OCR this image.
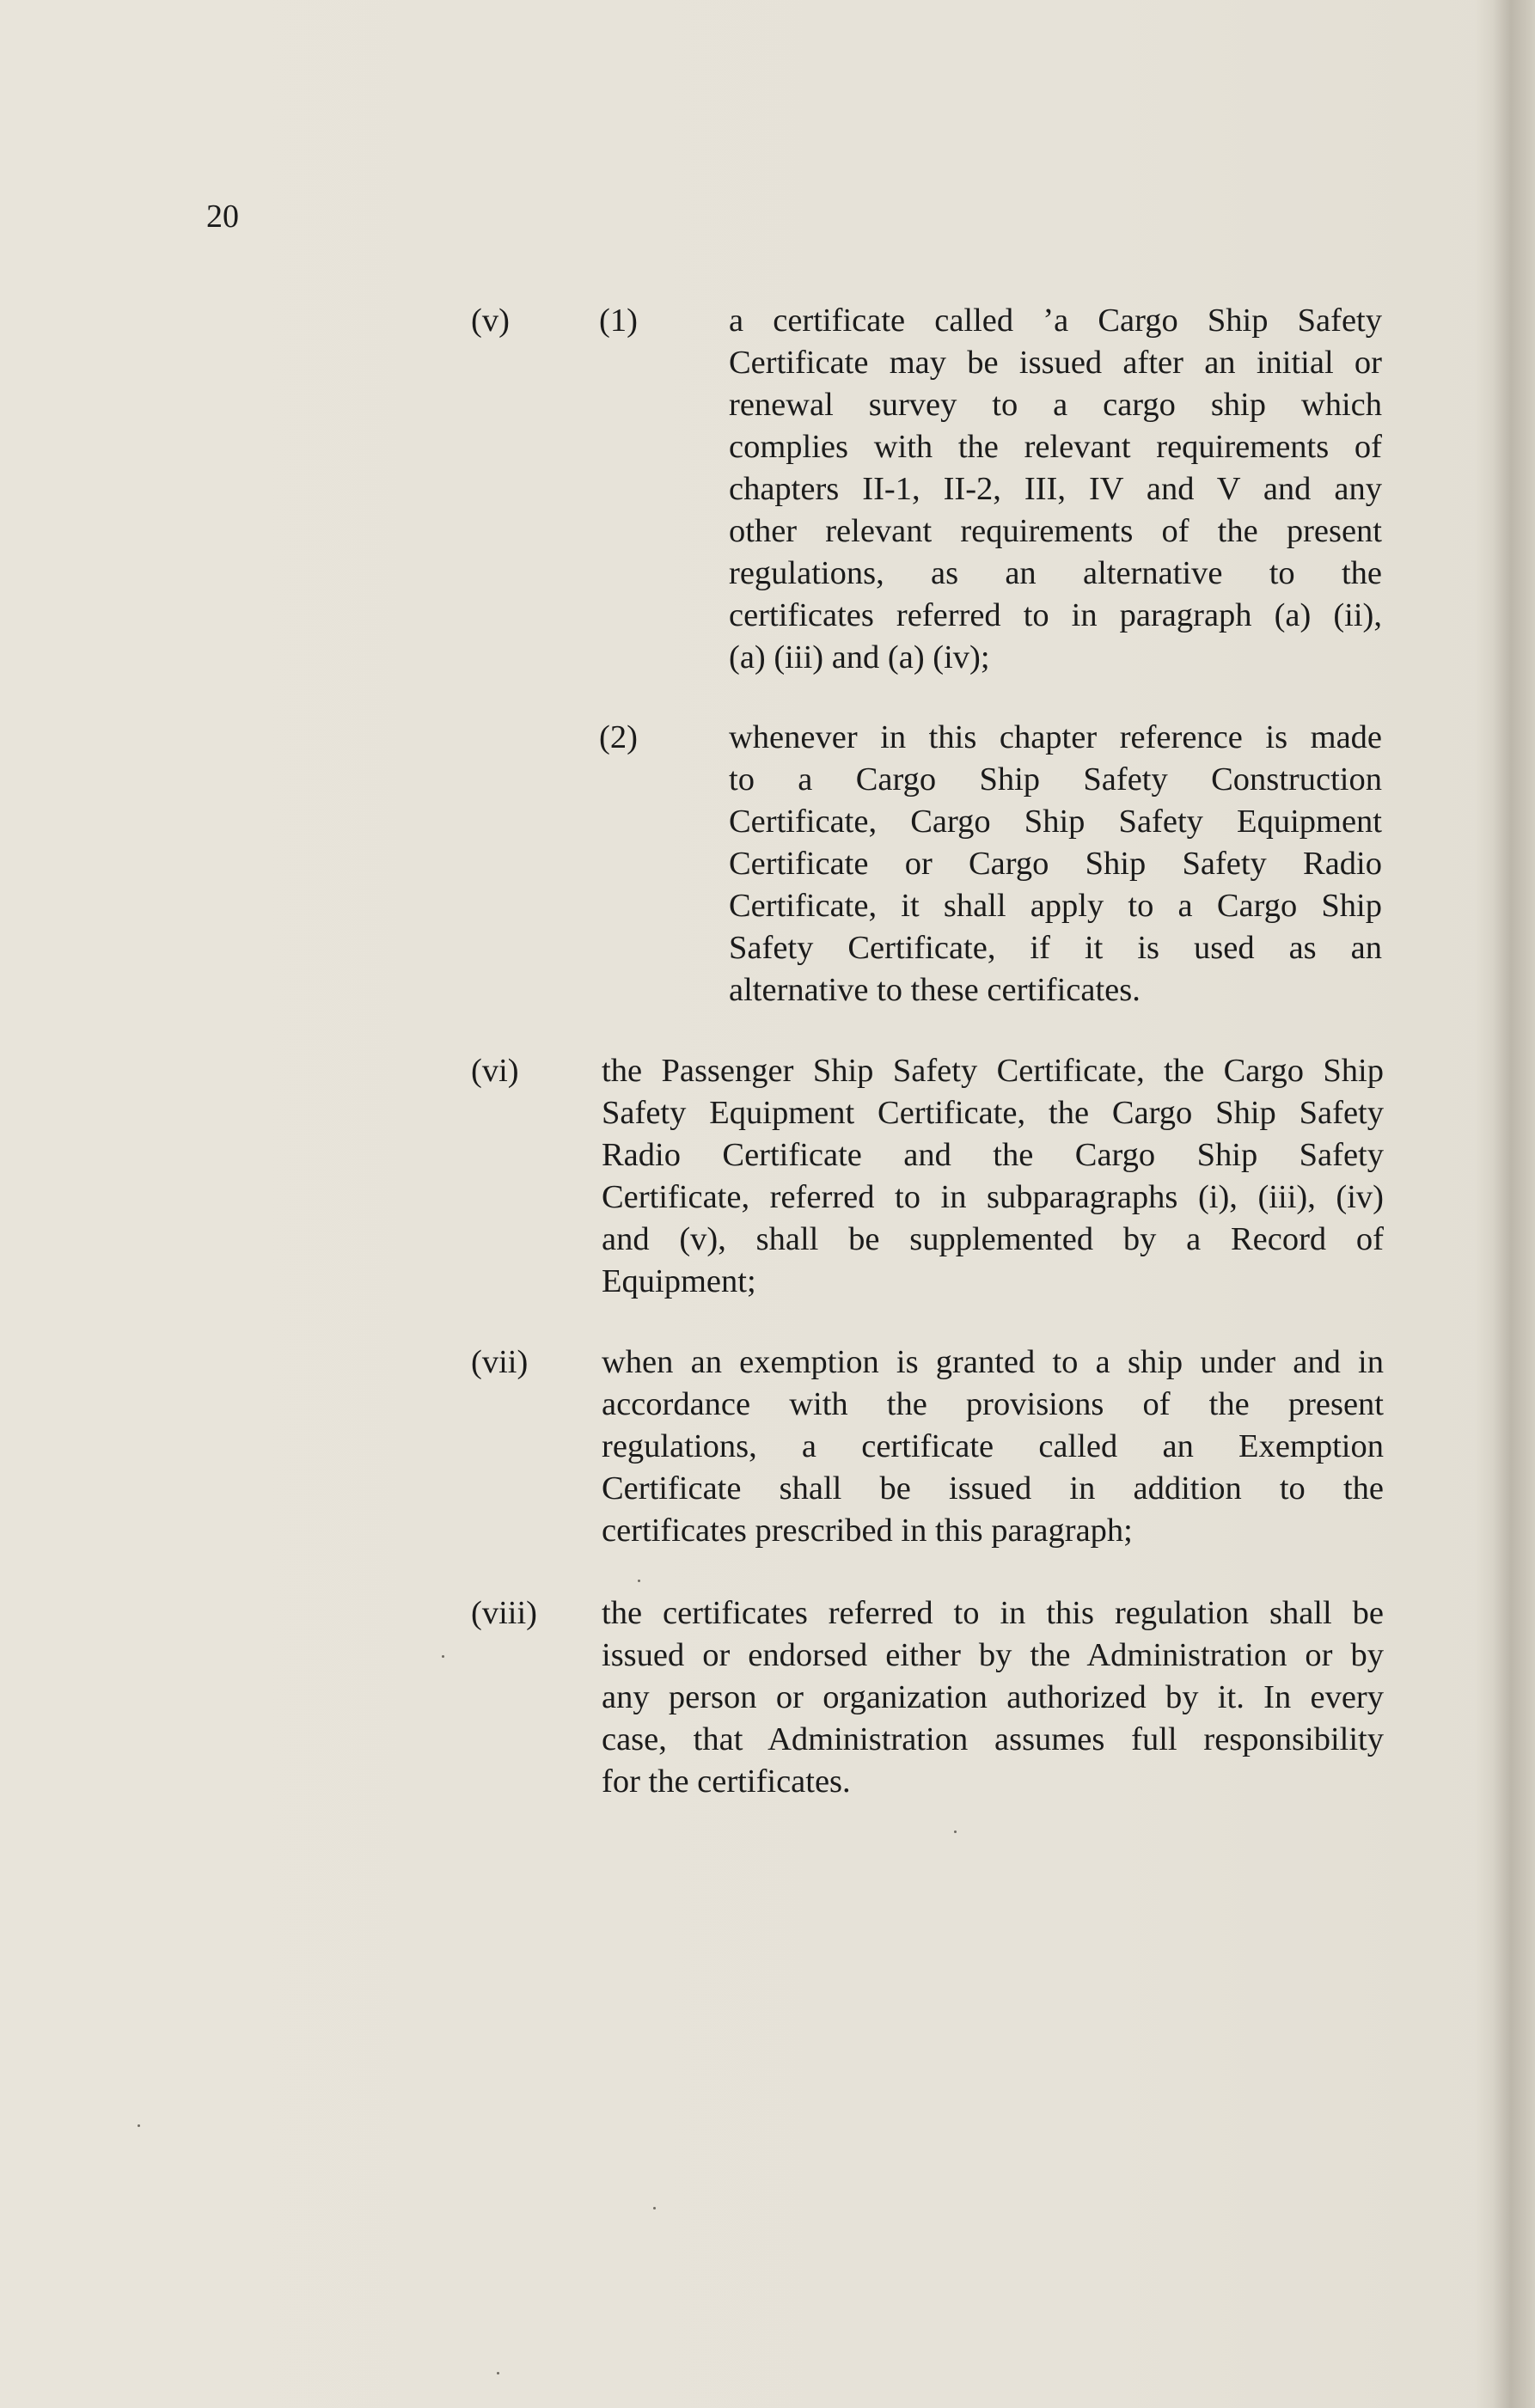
20
(v)	(1)	a certificate called ʼa Cargo Ship Safety
Certificate may be issued after an initial or
renewal survey to a cargo ship which
complies with the relevant requirements of
chapters II-1, II-2, III, IV and V and any
other relevant requirements of the present
regulations, as an alternative to the
certificates referred to in paragraph (a) (ii),
(a) (iii) and (a) (iv);
(2)	whenever in this chapter reference is made
to a Cargo Ship Safety Construction
Certificate, Cargo Ship Safety Equipment
Certificate or Cargo Ship Safety Radio
Certificate, it shall apply to a Cargo Ship
Safety Certificate, if it is used as an
alternative to these certificates.
(vi)	the Passenger Ship Safety Certificate, the Cargo Ship
Safety Equipment Certificate, the Cargo Ship Safety
Radio Certificate and the Cargo Ship Safety
Certificate, referred to in subparagraphs (i), (iii), (iv)
and (v), shall be supplemented by a Record of
Equipment;
(vii) when an exemption is granted to a ship under and in
accordance with the provisions of the present
regulations, a certificate called an Exemption
Certificate shall be issued in addition to the
certificates prescribed in this paragraph;
(viii) the certificates referred to in this regulation shall be
issued or endorsed either by the Administration or by
any person or organization authorized by it. In every
case, that Administration assumes full responsibility
for the certificates.
